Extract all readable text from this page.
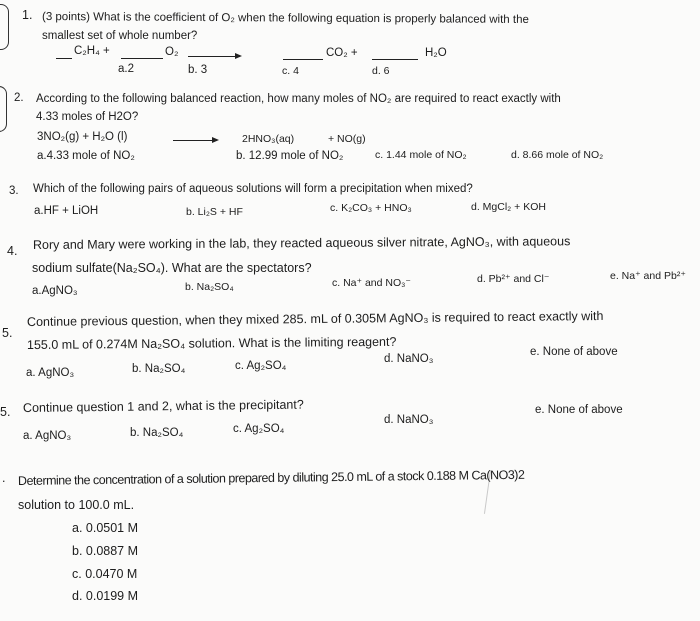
1. (3 points) What is the coefficient of O₂ when the following equation is properly balanced with the
smallest set of whole number?
C₂H₄ +	O₂ →	CO₂ +	H₂O
a.2	b. 3	c. 4	d. 6
2. According to the following balanced reaction, how many moles of NO₂ are required to react exactly with
4.33 moles of H2O?
3NO₂(g) + H₂O (l)	2HNO₃(aq)	+ NO(g)
a.4.33 mole of NO₂	b. 12.99 mole of NO₂	c. 1.44 mole of NO₂	d. 8.66 mole of NO₂
3. Which of the following pairs of aqueous solutions will form a precipitation when mixed?
a.HF + LiOH	b. Li₂S + HF	c. K₂CO₃ + HNO₃	d. MgCl₂ + KOH
4. Rory and Mary were working in the lab, they reacted aqueous silver nitrate, AgNO₃, with aqueous
sodium sulfate(Na₂SO₄). What are the spectators?
a.AgNO₃	b. Na₂SO₄	c. Na⁺ and NO₃⁻	d. Pb²⁺ and Cl⁻	e. Na⁺ and Pb²⁺
5.
Continue previous question, when they mixed 285. mL of 0.305M AgNO₃ is required to react exactly with
155.0 mL of 0.274M Na₂SO₄ solution. What is the limiting reagent?
a. AgNO₃	b. Na₂SO₄	c. Ag₂SO₄
d. NaNO₃
e. None of above
5. Continue question 1 and 2, what is the precipitant?
a. AgNO₃	b. Na₂SO₄	c. Ag₂SO₄
d. NaNO₃
e. None of above
. Determine the concentration of a solution prepared by diluting 25.0 mL of a stock 0.188 M Ca(NO3)2
solution to 100.0 mL.
a. 0.0501 M
b. 0.0887 M
c. 0.0470 M
d. 0.0199 M
